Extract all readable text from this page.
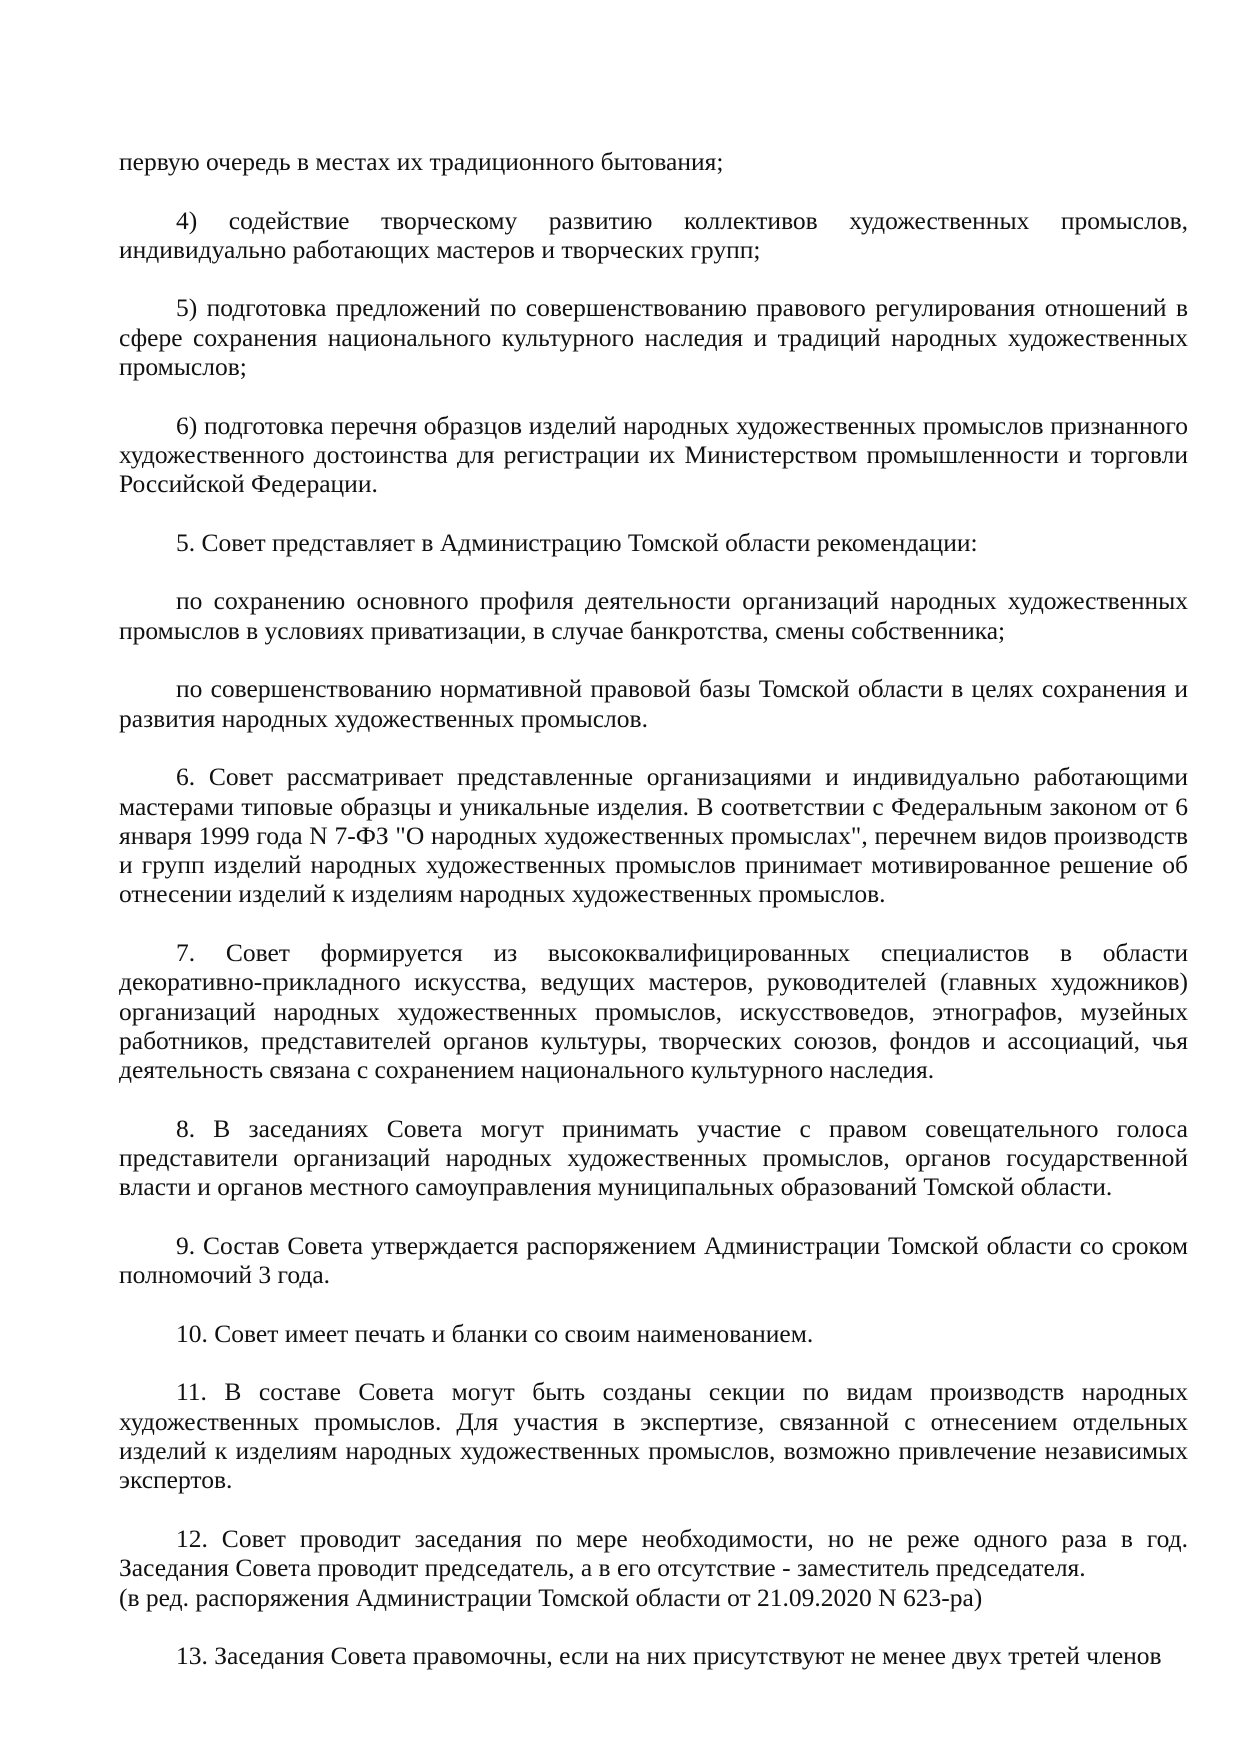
первую очередь в местах их традиционного бытования;

4) содействие творческому развитию коллективов художественных промыслов,
индивидуально работающих мастеров и творческих групп;

5) подготовка предложений по совершенствованию правового регулирования отношений в
сфере сохранения национального культурного наследия и традиций народных художественных
промыслов;

6) подготовка перечня образцов изделий народных художественных промыслов признанного
художественного достоинства для регистрации их Министерством промышленности и торговли
Российской Федерации.

5. Совет представляет в Администрацию Томской области рекомендации:

по сохранению основного профиля деятельности организаций народных художественных
промыслов в условиях приватизации, в случае банкротства, смены собственника;

по совершенствованию нормативной правовой базы Томской области в целях сохранения и
развития народных художественных промыслов.

6. Совет рассматривает представленные организациями и индивидуально работающими
мастерами типовые образцы и уникальные изделия. В соответствии с Федеральным законом от 6
января 1999 года N 7-ФЗ "О народных художественных промыслах", перечнем видов производств
и групп изделий народных художественных промыслов принимает мотивированное решение об
отнесении изделий к изделиям народных художественных промыслов.

7. Совет формируется из высококвалифицированных специалистов в области
декоративно-прикладного искусства, ведущих мастеров, руководителей (главных художников)
организаций народных художественных промыслов, искусствоведов, этнографов, музейных
работников, представителей органов культуры, творческих союзов, фондов и ассоциаций, чья
деятельность связана с сохранением национального культурного наследия.

8. В заседаниях Совета могут принимать участие с правом совещательного голоса
представители организаций народных художественных промыслов, органов государственной
власти и органов местного самоуправления муниципальных образований Томской области.

9. Состав Совета утверждается распоряжением Администрации Томской области со сроком
полномочий 3 года.

10. Совет имеет печать и бланки со своим наименованием.

11. В составе Совета могут быть созданы секции по видам производств народных
художественных промыслов. Для участия в экспертизе, связанной с отнесением отдельных
изделий к изделиям народных художественных промыслов, возможно привлечение независимых
экспертов.

12. Совет проводит заседания по мере необходимости, но не реже одного раза в год.
Заседания Совета проводит председатель, а в его отсутствие - заместитель председателя.

(в ред. распоряжения Администрации Томской области от 21.09.2020 N 623-ра)

13. Заседания Совета правомочны, если на них присутствуют не менее двух третей членов
